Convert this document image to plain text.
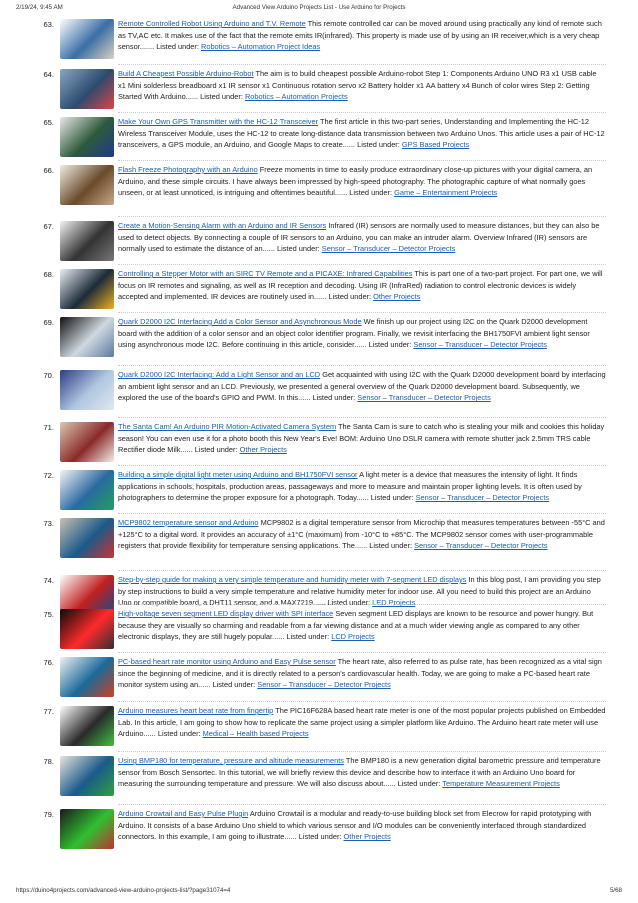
2/19/24, 9:45 AM	Advanced View Arduino Projects List - Use Arduino for Projects
63.	Remote Controlled Robot Using Arduino and T.V. Remote This remote controlled car can be moved around using practically any kind of remote such as TV,AC etc. It makes use of the fact that the remote emits IR(infrared). This property is made use of by using an IR receiver,which is a very cheap sensor....... Listed under: Robotics – Automation Project Ideas
64.	Build A Cheapest Possible Arduino-Robot The aim is to build cheapest possible Arduino-robot Step 1: Components Arduino UNO R3 x1 USB cable x1 Mini solderless breadboard x1 IR sensor x1 Continuous rotation servo x2 Battery holder x1 AA battery x4 Bunch of color wires Step 2: Getting Started With Arduino...... Listed under: Robotics – Automation Projects
65.	Make Your Own GPS Transmitter with the HC-12 Transceiver The first article in this two-part series, Understanding and Implementing the HC-12 Wireless Transceiver Module, uses the HC-12 to create long-distance data transmission between two Arduino Unos. This article uses a pair of HC-12 transceivers, a GPS module, an Arduino, and Google Maps to create...... Listed under: GPS Based Projects
66.	Flash Freeze Photography with an Arduino Freeze moments in time to easily produce extraordinary close-up pictures with your digital camera, an Arduino, and these simple circuits. I have always been impressed by high-speed photography. The photographic capture of what normally goes unseen, or at least unnoticed, is intriguing and oftentimes beautiful...... Listed under: Game – Entertainment Projects
67.	Create a Motion-Sensing Alarm with an Arduino and IR Sensors Infrared (IR) sensors are normally used to measure distances, but they can also be used to detect objects. By connecting a couple of IR sensors to an Arduino, you can make an intruder alarm. Overview Infrared (IR) sensors are normally used to estimate the distance of an...... Listed under: Sensor – Transducer – Detector Projects
68.	Controlling a Stepper Motor with an SIRC TV Remote and a PICAXE: Infrared Capabilities This is part one of a two-part project. For part one, we will focus on IR remotes and signaling, as well as IR reception and decoding. Using IR (InfraRed) radiation to control electronic devices is widely accepted and implemented. IR devices are routinely used in...... Listed under: Other Projects
69.	Quark D2000 I2C Interfacing Add a Color Sensor and Asynchronous Mode We finish up our project using I2C on the Quark D2000 development board with the addition of a color sensor and an object color identifier program. Finally, we revisit interfacing the BH1750FVI ambient light sensor using asynchronous mode I2C. Before continuing in this article, consider...... Listed under: Sensor – Transducer – Detector Projects
70.	Quark D2000 I2C Interfacing: Add a Light Sensor and an LCD Get acquainted with using I2C with the Quark D2000 development board by interfacing an ambient light sensor and an LCD. Previously, we presented a general overview of the Quark D2000 development board. Subsequently, we explored the use of the board's GPIO and PWM. In this...... Listed under: Sensor – Transducer – Detector Projects
71.	The Santa Cam! An Arduino PIR Motion-Activated Camera System The Santa Cam is sure to catch who is stealing your milk and cookies this holiday season! You can even use it for a photo booth this New Year's Eve! BOM: Arduino Uno DSLR camera with remote shutter jack 2.5mm TRS cable Rectifier diode Milk...... Listed under: Other Projects
72.	Building a simple digital light meter using Arduino and BH1750FVI sensor A light meter is a device that measures the intensity of light. It finds applications in schools, hospitals, production areas, passageways and more to measure and maintain proper lighting levels. It is often used by photographers to determine the proper exposure for a photograph. Today...... Listed under: Sensor – Transducer – Detector Projects
73.	MCP9802 temperature sensor and Arduino MCP9802 is a digital temperature sensor from Microchip that measures temperatures between -55°C and +125°C to a digital word. It provides an accuracy of ±1°C (maximum) from -10°C to +85°C. The MCP9802 sensor comes with user-programmable registers that provide flexibility for temperature sensing applications. The...... Listed under: Sensor – Transducer – Detector Projects
74.	Step-by-step guide for making a very simple temperature and humidity meter with 7-segment LED displays In this blog post, I am providing you step by step instructions to build a very simple temperature and relative humidity meter for indoor use. All you need to build this project are an Arduino Uno or compatible board, a DHT11 sensor, and a MAX7219...... Listed under: LED Projects
75.	High-voltage seven segment LED display driver with SPI interface Seven segment LED displays are known to be resource and power hungry. But because they are visually so charming and readable from a far viewing distance and at a much wider viewing angle as compared to any other electronic displays, they are still hugely popular...... Listed under: LCD Projects
76.	PC-based heart rate monitor using Arduino and Easy Pulse sensor The heart rate, also referred to as pulse rate, has been recognized as a vital sign since the beginning of medicine, and it is directly related to a person's cardiovascular health. Today, we are going to make a PC-based heart rate monitor system using an...... Listed under: Sensor – Transducer – Detector Projects
77.	Arduino measures heart beat rate from fingertip The PIC16F628A based heart rate meter is one of the most popular projects published on Embedded Lab. In this article, I am going to show how to replicate the same project using a simpler platform like Arduino. The Arduino heart rate meter will use Arduino...... Listed under: Medical – Health based Projects
78.	Using BMP180 for temperature, pressure and altitude measurements The BMP180 is a new generation digital barometric pressure and temperature sensor from Bosch Sensortec. In this tutorial, we will briefly review this device and describe how to interface it with an Arduino Uno board for measuring the surrounding temperature and pressure. We will also discuss about...... Listed under: Temperature Measurement Projects
79.	Arduino Crowtail and Easy Pulse Plugin Arduino Crowtail is a modular and ready-to-use building block set from Elecrow for rapid prototyping with Arduino. It consists of a base Arduino Uno shield to which various sensor and I/O modules can be conveniently interfaced through standardized connectors. In this example, I am going to illustrate...... Listed under: Other Projects
https://duino4projects.com/advanced-view-arduino-projects-list/?page31074=4	5/68
